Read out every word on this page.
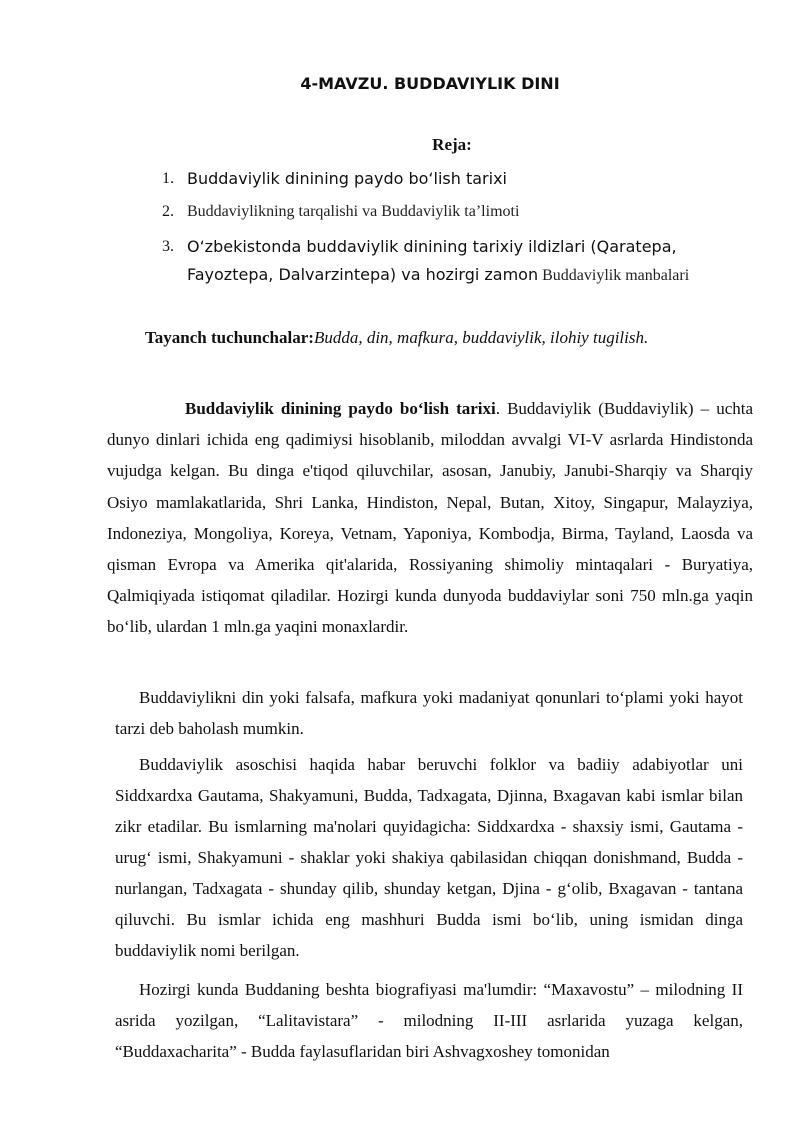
4-MAVZU. BUDDAVIYLIK DINI
Reja:
1. Buddaviylik dinining paydo bo‘lish tarixi
2. Buddaviylikning tarqalishi va Buddaviylik ta’limoti
3. O‘zbekistonda buddaviylik dinining tarixiy ildizlari (Qaratepa, Fayoztepa, Dalvarzintepa) va hozirgi zamon Buddaviylik manbalari
Tayanch tuchunchalar:Budda, din, mafkura, buddaviylik, ilohiy tugilish.

Buddaviylik dinining paydo bo‘lish tarixi. Buddaviylik (Buddaviylik) – uchta dunyo dinlari ichida eng qadimiysi hisoblanib, miloddan avvalgi VI-V asrlarda Hindistonda vujudga kelgan. Bu dinga e'tiqod qiluvchilar, asosan, Janubiy, Janubi-Sharqiy va Sharqiy Osiyo mamlakatlarida, Shri Lanka, Hindiston, Nepal, Butan, Xitoy, Singapur, Malayziya, Indoneziya, Mongoliya, Koreya, Vetnam, Yaponiya, Kombodja, Birma, Tayland, Laosda va qisman Evropa va Amerika qit'alarida, Rossiyaning shimoliy mintaqalari - Buryatiya, Qalmiqiyada istiqomat qiladilar. Hozirgi kunda dunyoda buddaviylar soni 750 mln.ga yaqin bo‘lib, ulardan 1 mln.ga yaqini monaxlardir.

Buddaviylikni din yoki falsafa, mafkura yoki madaniyat qonunlari to‘plami yoki hayot tarzi deb baholash mumkin.

Buddaviylik asoschisi haqida habar beruvchi folklor va badiiy adabiyotlar uni Siddxardxa Gautama, Shakyamuni, Budda, Tadxagata, Djinna, Bxagavan kabi ismlar bilan zikr etadilar. Bu ismlarning ma'nolari quyidagicha: Siddxardxa - shaxsiy ismi, Gautama - urug‘ ismi, Shakyamuni - shaklar yoki shakiya qabilasidan chiqqan donishmand, Budda - nurlangan, Tadxagata - shunday qilib, shunday ketgan, Djina - g‘olib, Bxagavan - tantana qiluvchi. Bu ismlar ichida eng mashhuri Budda ismi bo‘lib, uning ismidan dinga buddaviylik nomi berilgan.

Hozirgi kunda Buddaning beshta biografiyasi ma'lumdir: “Maxavostu” – milodning II asrida yozilgan, “Lalitavistara” - milodning II-III asrlarida yuzaga kelgan, “Buddaxacharita” - Budda faylasuflaridan biri Ashvagxoshey tomonidan
